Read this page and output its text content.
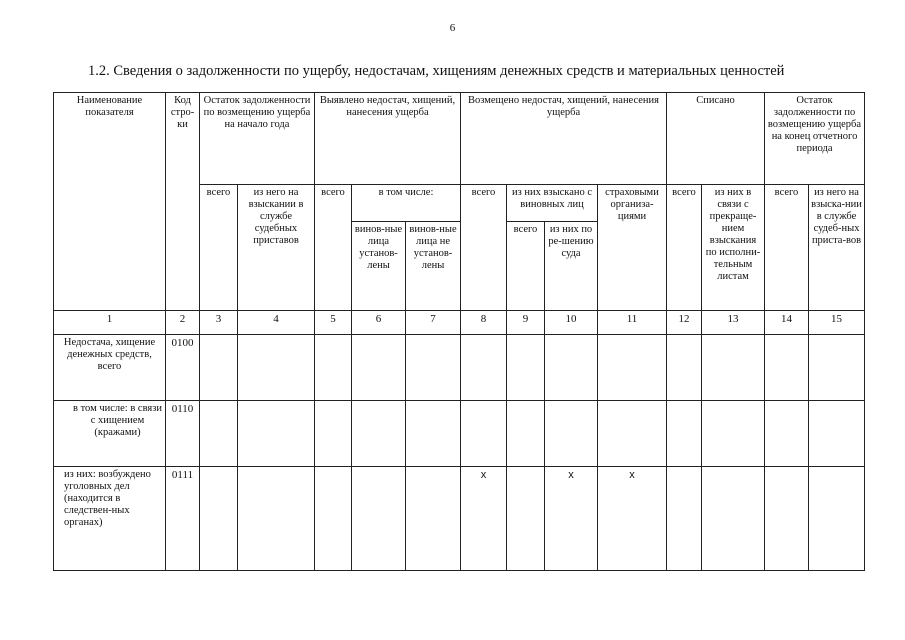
6
1.2. Сведения о задолженности по ущербу, недостачам, хищениям денежных средств и материальных ценностей
Наименование показателя	Код стро-ки	Остаток задолженности по возмещению ущерба на начало года		Выявлено недостач, хищений, нанесения ущерба			Возмещено недостач, хищений, нанесения ущерба				Списано		Остаток задолженности по возмещению ущерба на конец отчетного периода	
		всего	из него на взыскании в службе судебных приставов	всего	в том числе:		всего	из них взыскано с виновных лиц		страховыми организа-циями	всего	из них в связи с прекраще-нием взыскания по исполни-тельным листам	всего	из него на взыска-нии в службе судеб-ных приста-вов
					винов-ные лица установ-лены	винов-ные лица не установ-лены		всего	из них по ре-шению суда					
1	2	3	4	5	6	7	8	9	10	11	12	13	14	15
Недостача, хищение денежных средств, всего	0100													
в том числе: в связи с хищением (кражами)	0110													
из них: возбуждено уголовных дел (находится в следствен-ных органах)	0111						x		x	x				
